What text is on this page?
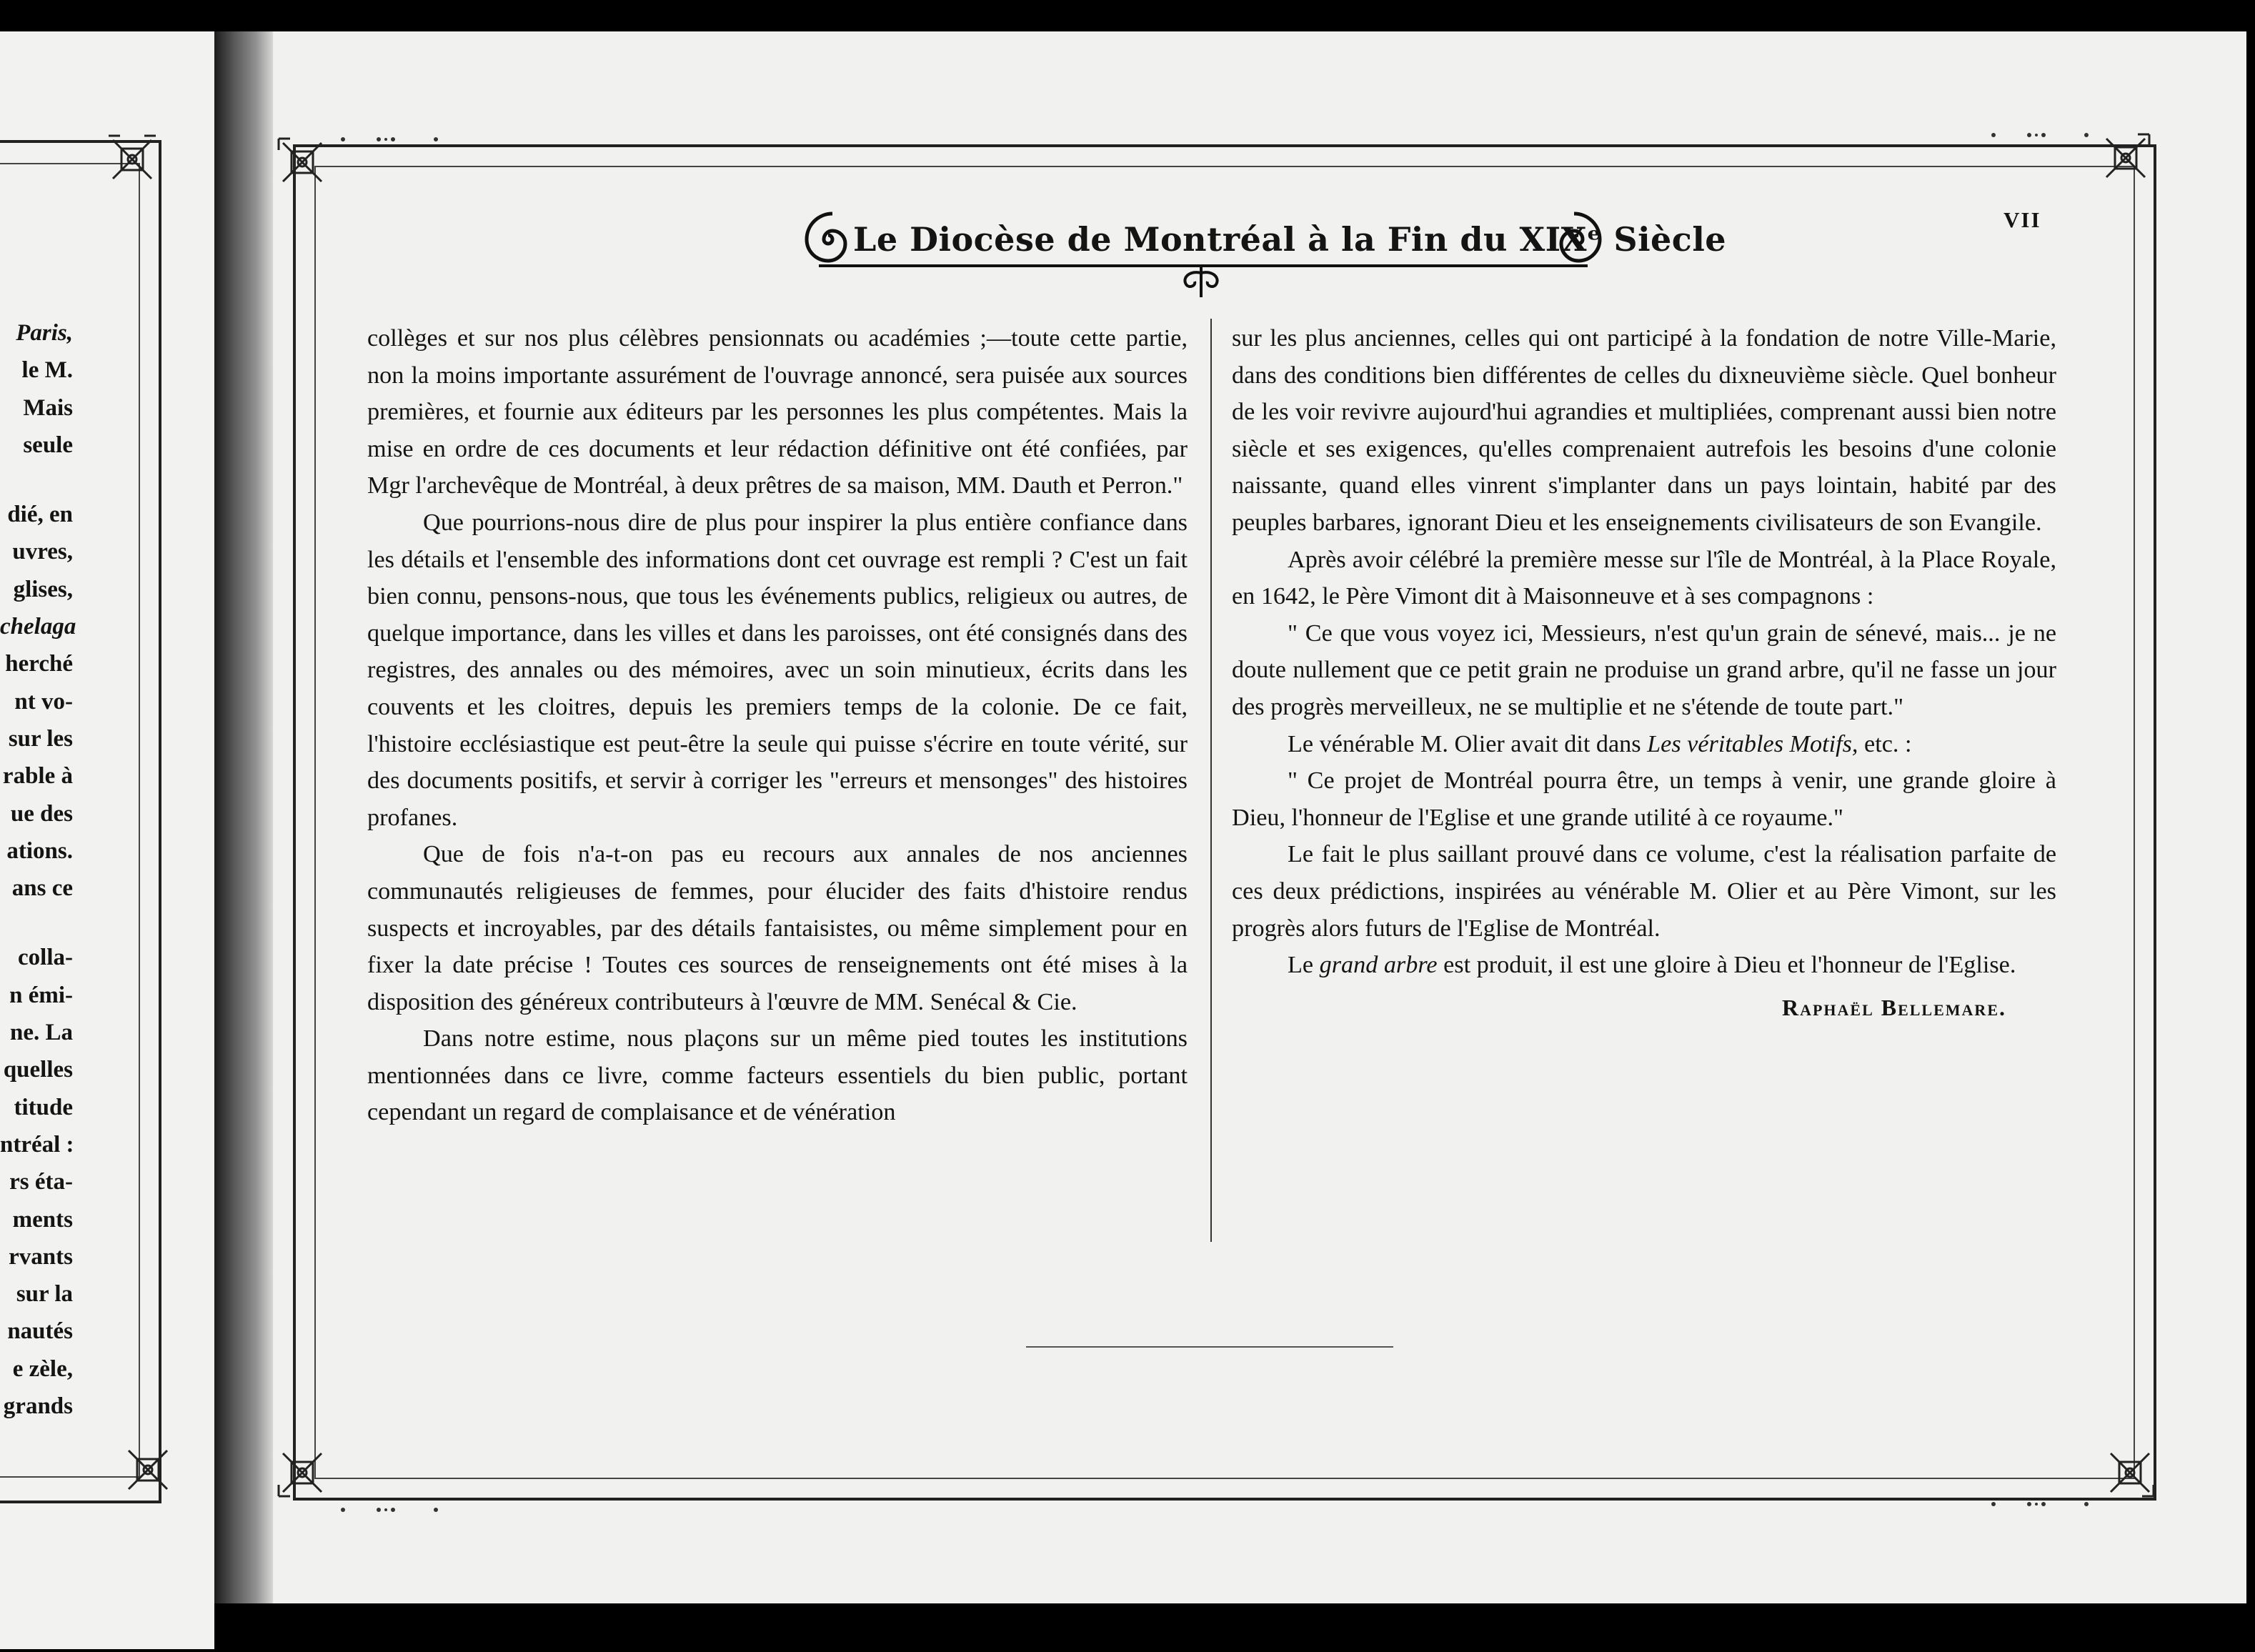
Paris,
le M.
Mais
seule
dié, en
uvres,
glises,
chelaga
herché
nt vo-
sur les
rable à
ue des
ations.
ans ce
colla-
n émi-
ne. La
quelles
titude
ntréal :
rs éta-
ments
rvants
sur la
nautés
e zèle,
grands
Le Diocèse de Montréal à la Fin du XIXᵉ Siècle
VII

collèges et sur nos plus célèbres pensionnats ou académies ;—toute cette partie, non la moins importante assurément de l'ouvrage annoncé, sera puisée aux sources premières, et fournie aux éditeurs par les personnes les plus compétentes. Mais la mise en ordre de ces documents et leur rédaction définitive ont été confiées, par Mgr l'archevêque de Montréal, à deux prêtres de sa maison, MM. Dauth et Perron."

Que pourrions-nous dire de plus pour inspirer la plus entière confiance dans les détails et l'ensemble des informations dont cet ouvrage est rempli ? C'est un fait bien connu, pensons-nous, que tous les événements publics, religieux ou autres, de quelque importance, dans les villes et dans les paroisses, ont été consignés dans des registres, des annales ou des mémoires, avec un soin minutieux, écrits dans les couvents et les cloitres, depuis les premiers temps de la colonie. De ce fait, l'histoire ecclésiastique est peut-être la seule qui puisse s'écrire en toute vérité, sur des documents positifs, et servir à corriger les "erreurs et mensonges" des histoires profanes.

Que de fois n'a-t-on pas eu recours aux annales de nos anciennes communautés religieuses de femmes, pour élucider des faits d'histoire rendus suspects et incroyables, par des détails fantaisistes, ou même simplement pour en fixer la date précise ! Toutes ces sources de renseignements ont été mises à la disposition des généreux contributeurs à l'œuvre de MM. Senécal & Cie.

Dans notre estime, nous plaçons sur un même pied toutes les institutions mentionnées dans ce livre, comme facteurs essentiels du bien public, portant cependant un regard de complaisance et de vénération

sur les plus anciennes, celles qui ont participé à la fondation de notre Ville-Marie, dans des conditions bien différentes de celles du dixneuvième siècle. Quel bonheur de les voir revivre aujourd'hui agrandies et multipliées, comprenant aussi bien notre siècle et ses exigences, qu'elles comprenaient autrefois les besoins d'une colonie naissante, quand elles vinrent s'implanter dans un pays lointain, habité par des peuples barbares, ignorant Dieu et les enseignements civilisateurs de son Evangile.

Après avoir célébré la première messe sur l'île de Montréal, à la Place Royale, en 1642, le Père Vimont dit à Maisonneuve et à ses compagnons :

" Ce que vous voyez ici, Messieurs, n'est qu'un grain de sénevé, mais... je ne doute nullement que ce petit grain ne produise un grand arbre, qu'il ne fasse un jour des progrès merveilleux, ne se multiplie et ne s'étende de toute part."

Le vénérable M. Olier avait dit dans Les véritables Motifs, etc. :

" Ce projet de Montréal pourra être, un temps à venir, une grande gloire à Dieu, l'honneur de l'Eglise et une grande utilité à ce royaume."

Le fait le plus saillant prouvé dans ce volume, c'est la réalisation parfaite de ces deux prédictions, inspirées au vénérable M. Olier et au Père Vimont, sur les progrès alors futurs de l'Eglise de Montréal.

Le grand arbre est produit, il est une gloire à Dieu et l'honneur de l'Eglise.

Raphaël Bellemare.
